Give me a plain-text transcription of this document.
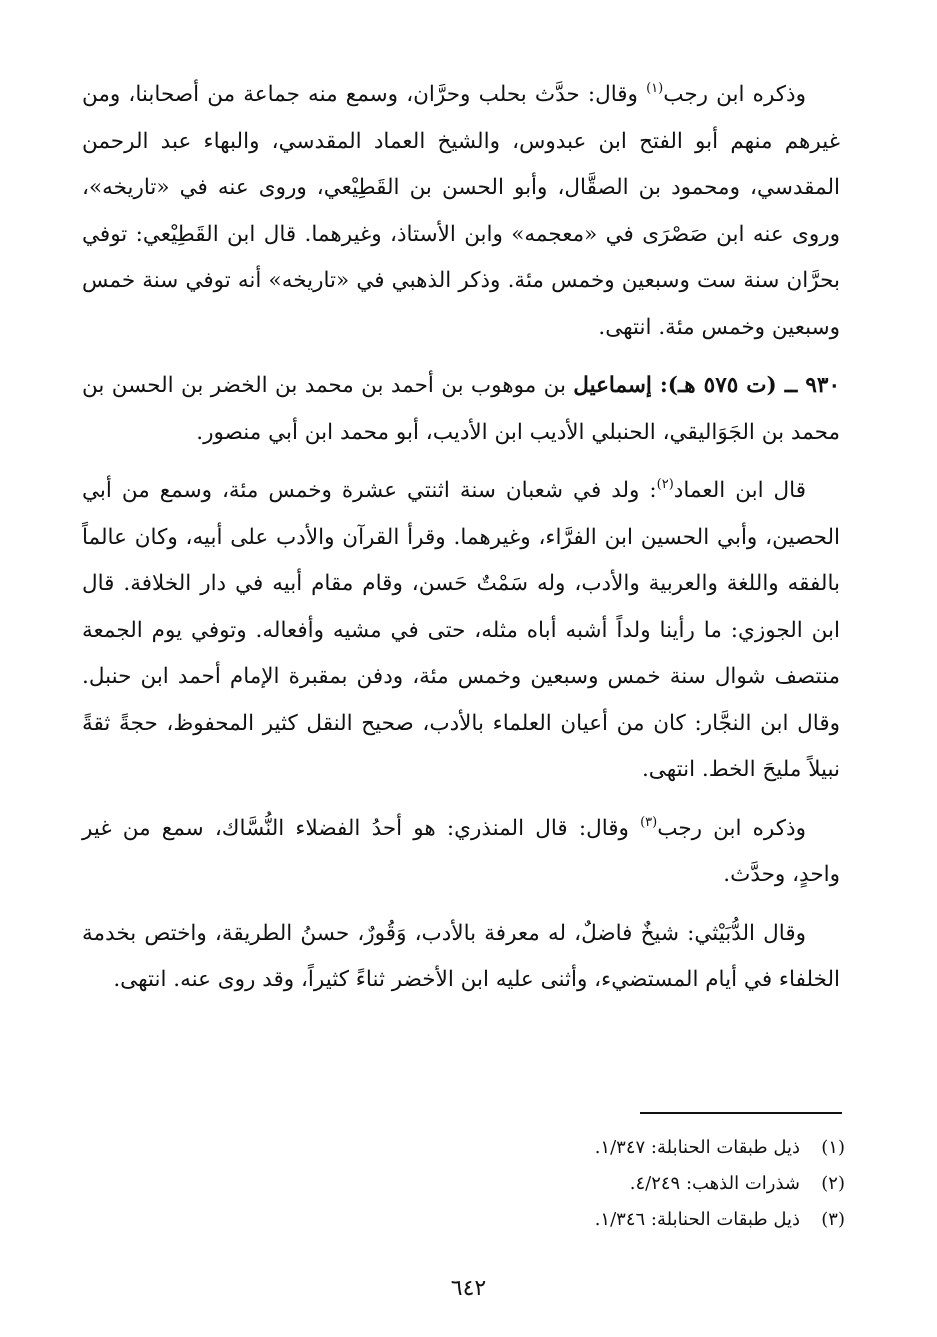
وذكره ابن رجب$^{(١)}$ وقال: حدَّث بحلب وحرَّان، وسمع منه جماعة من أصحابنا، ومن غيرهم منهم أبو الفتح ابن عبدوس، والشيخ العماد المقدسي، والبهاء عبد الرحمن المقدسي، ومحمود بن الصقَّال، وأبو الحسن بن القَطِيْعي، وروى عنه في «تاريخه»، وروى عنه ابن صَصْرَى في «معجمه» وابن الأستاذ، وغيرهما. قال ابن القَطِيْعي: توفي بحرَّان سنة ست وسبعين وخمس مئة. وذكر الذهبي في «تاريخه» أنه توفي سنة خمس وسبعين وخمس مئة. انتهى.

٩٣٠ ــ (ت ٥٧٥ هـ): إسماعيل بن موهوب بن أحمد بن محمد بن الخضر بن الحسن بن محمد بن الجَوَاليقي، الحنبلي الأديب ابن الأديب، أبو محمد ابن أبي منصور.

قال ابن العماد$^{(٢)}$: ولد في شعبان سنة اثنتي عشرة وخمس مئة، وسمع من أبي الحصين، وأبي الحسين ابن الفرَّاء، وغيرهما. وقرأ القرآن والأدب على أبيه، وكان عالماً بالفقه واللغة والعربية والأدب، وله سَمْتٌ حَسن، وقام مقام أبيه في دار الخلافة. قال ابن الجوزي: ما رأينا ولداً أشبه أباه مثله، حتى في مشيه وأفعاله. وتوفي يوم الجمعة منتصف شوال سنة خمس وسبعين وخمس مئة، ودفن بمقبرة الإمام أحمد ابن حنبل. وقال ابن النجَّار: كان من أعيان العلماء بالأدب، صحيح النقل كثير المحفوظ، حجةً ثقةً نبيلاً مليحَ الخط. انتهى.

وذكره ابن رجب$^{(٣)}$ وقال: قال المنذري: هو أحدُ الفضلاء النُّسَّاك، سمع من غير واحدٍ، وحدَّث.

وقال الدُّبَيْثي: شيخٌ فاضلٌ، له معرفة بالأدب، وَقُورٌ، حسنُ الطريقة، واختص بخدمة الخلفاء في أيام المستضيء، وأثنى عليه ابن الأخضر ثناءً كثيراً، وقد روى عنه. انتهى.

(١)
ذيل طبقات الحنابلة: ١/٣٤٧.
(٢)
شذرات الذهب: ٤/٢٤٩.
(٣)
ذيل طبقات الحنابلة: ١/٣٤٦.
٦٤٢
